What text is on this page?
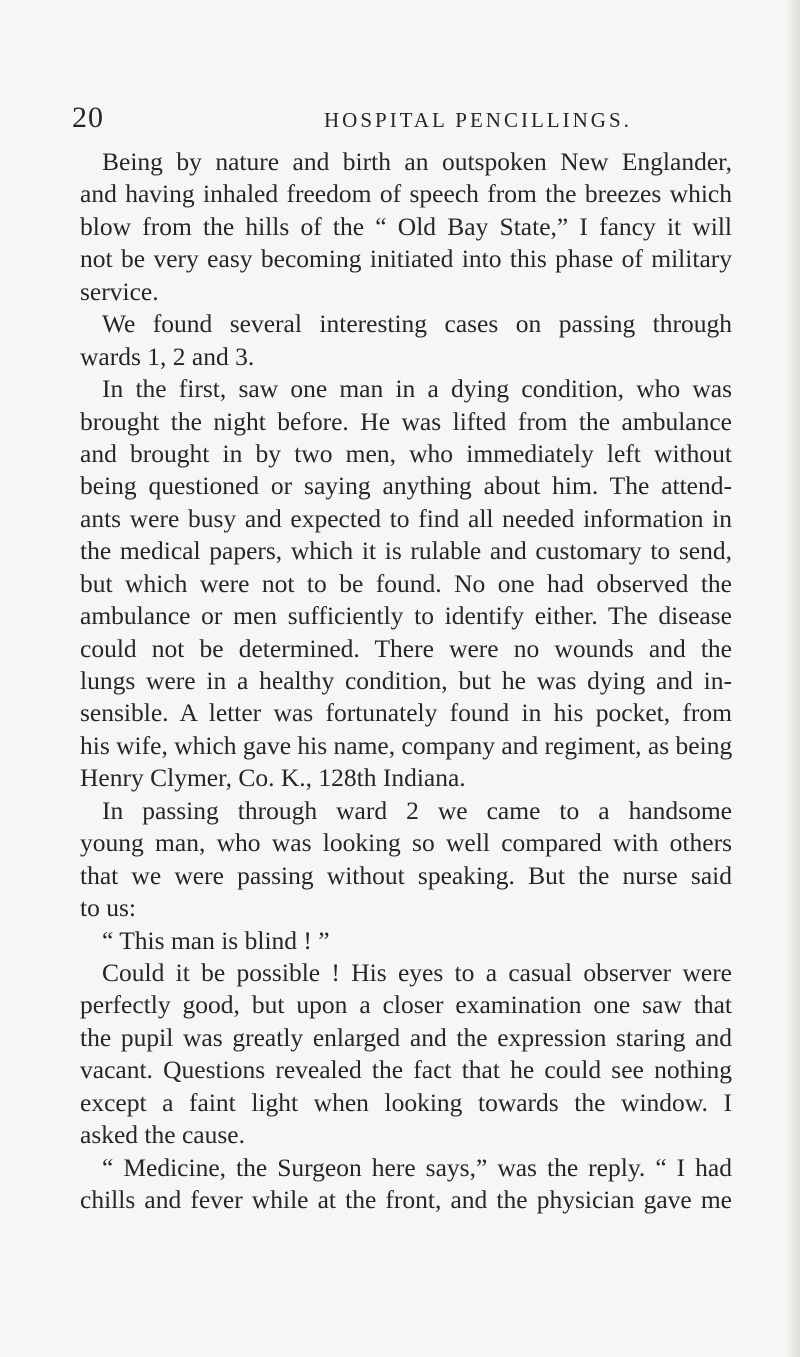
20	HOSPITAL PENCILLINGS.
Being by nature and birth an outspoken New Englander,
and having inhaled freedom of speech from the breezes which
blow from the hills of the “ Old Bay State,” I fancy it will
not be very easy becoming initiated into this phase of military
service.
We found several interesting cases on passing through
wards 1, 2 and 3.
In the first, saw one man in a dying condition, who was
brought the night before. He was lifted from the ambulance
and brought in by two men, who immediately left without
being questioned or saying anything about him. The attend-
ants were busy and expected to find all needed information in
the medical papers, which it is rulable and customary to send,
but which were not to be found. No one had observed the
ambulance or men sufficiently to identify either. The disease
could not be determined. There were no wounds and the
lungs were in a healthy condition, but he was dying and in-
sensible. A letter was fortunately found in his pocket, from
his wife, which gave his name, company and regiment, as being
Henry Clymer, Co. K., 128th Indiana.
In passing through ward 2 we came to a handsome
young man, who was looking so well compared with others
that we were passing without speaking. But the nurse said
to us:
“ This man is blind ! ”
Could it be possible ! His eyes to a casual observer were
perfectly good, but upon a closer examination one saw that
the pupil was greatly enlarged and the expression staring and
vacant. Questions revealed the fact that he could see nothing
except a faint light when looking towards the window. I
asked the cause.
“ Medicine, the Surgeon here says,” was the reply. “ I had
chills and fever while at the front, and the physician gave me
